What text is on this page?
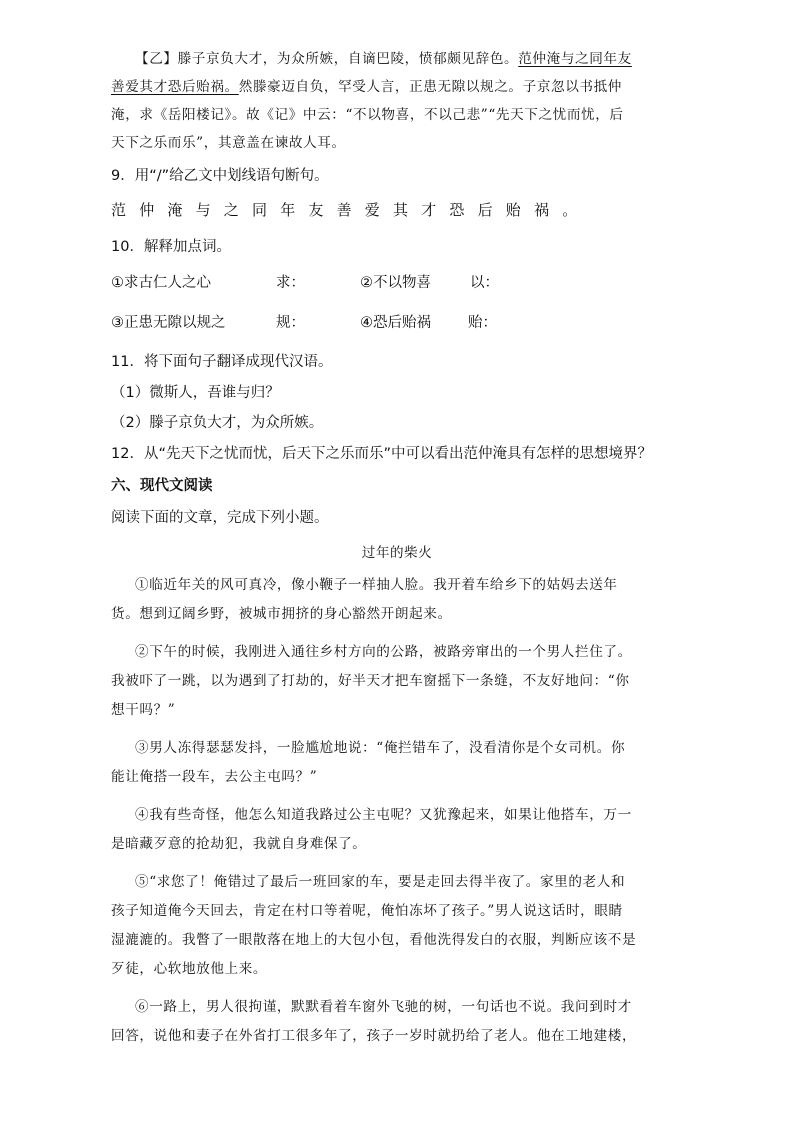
【乙】滕子京负大才，为众所嫉，自谪巴陵，愤郁颇见辞色。范仲淹与之同年友
善爱其才恐后贻祸。然滕豪迈自负，罕受人言，正患无隙以规之。子京忽以书抵仲
淹，求《岳阳楼记》。故《记》中云：“不以物喜，不以己悲”“先天下之忧而忧，后
天下之乐而乐”，其意盖在谏故人耳。
9．用“/”给乙文中划线语句断句。
范仲淹与之同年友善爱其才恐后贻祸。
10．解释加点词。
①求古仁人之心	求：	②不以物喜	以：
③正患无隙以规之	规：	④恐后贻祸	贻：
11．将下面句子翻译成现代汉语。
（1）微斯人，吾谁与归？
（2）滕子京负大才，为众所嫉。
12．从“先天下之忧而忧，后天下之乐而乐”中可以看出范仲淹具有怎样的思想境界？
六、现代文阅读
阅读下面的文章，完成下列小题。
过年的柴火
①临近年关的风可真冷，像小鞭子一样抽人脸。我开着车给乡下的姑妈去送年
货。想到辽阔乡野，被城市拥挤的身心豁然开朗起来。
②下午的时候，我刚进入通往乡村方向的公路，被路旁窜出的一个男人拦住了。
我被吓了一跳，以为遇到了打劫的，好半天才把车窗摇下一条缝，不友好地问：“你
想干吗？”
③男人冻得瑟瑟发抖，一脸尴尬地说：“俺拦错车了，没看清你是个女司机。你
能让俺搭一段车，去公主屯吗？”
④我有些奇怪，他怎么知道我路过公主屯呢？又犹豫起来，如果让他搭车，万一
是暗藏歹意的抢劫犯，我就自身难保了。
⑤“求您了！俺错过了最后一班回家的车，要是走回去得半夜了。家里的老人和
孩子知道俺今天回去，肯定在村口等着呢，俺怕冻坏了孩子。”男人说这话时，眼睛
湿漉漉的。我瞥了一眼散落在地上的大包小包，看他洗得发白的衣服，判断应该不是
歹徒，心软地放他上来。
⑥一路上，男人很拘谨，默默看着车窗外飞驰的树，一句话也不说。我问到时才
回答，说他和妻子在外省打工很多年了，孩子一岁时就扔给了老人。他在工地建楼，
